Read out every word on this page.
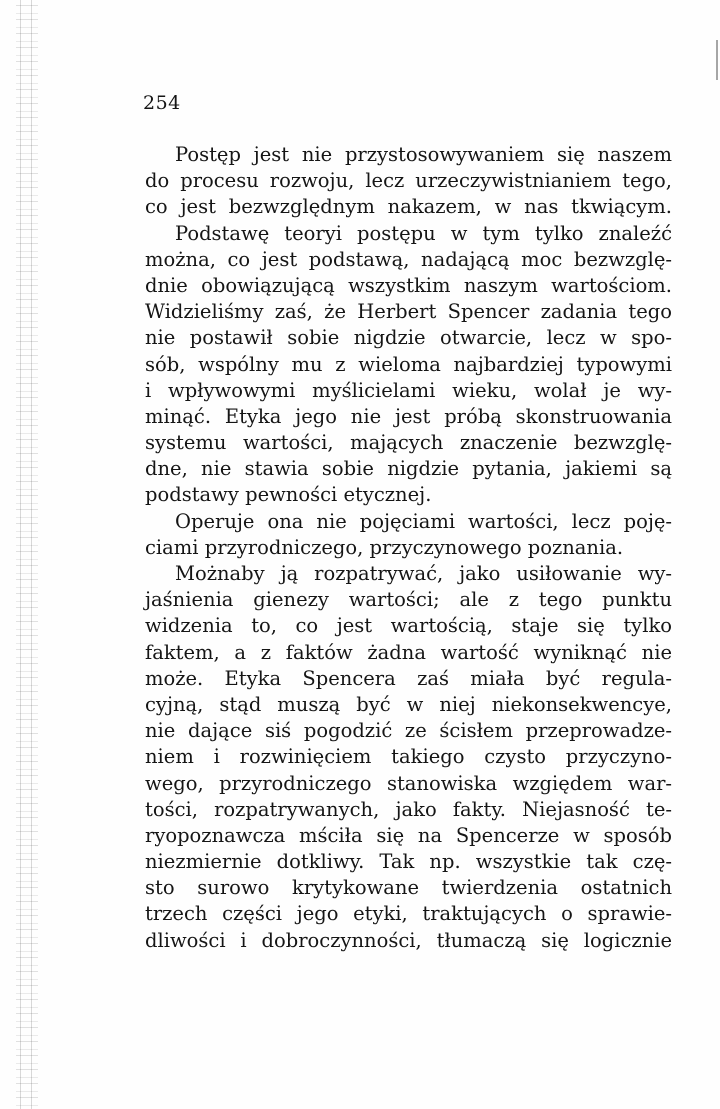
254
Postęp jest nie przystosowywaniem się naszem
do procesu rozwoju, lecz urzeczywistnianiem tego,
co jest bezwzględnym nakazem, w nas tkwiącym.
Podstawę teoryi postępu w tym tylko znaleźć
można, co jest podstawą, nadającą moc bezwzglę-
dnie obowiązującą wszystkim naszym wartościom.
Widzieliśmy zaś, że Herbert Spencer zadania tego
nie postawił sobie nigdzie otwarcie, lecz w spo-
sób, wspólny mu z wieloma najbardziej typowymi
i wpływowymi myślicielami wieku, wolał je wy-
minąć. Etyka jego nie jest próbą skonstruowania
systemu wartości, mających znaczenie bezwzglę-
dne, nie stawia sobie nigdzie pytania, jakiemi są
podstawy pewności etycznej.
Operuje ona nie pojęciami wartości, lecz poję-
ciami przyrodniczego, przyczynowego poznania.
Możnaby ją rozpatrywać, jako usiłowanie wy-
jaśnienia gienezy wartości; ale z tego punktu
widzenia to, co jest wartością, staje się tylko
faktem, a z faktów żadna wartość wyniknąć nie
może. Etyka Spencera zaś miała być regula-
cyjną, stąd muszą być w niej niekonsekwencye,
nie dające siś pogodzić ze ścisłem przeprowadze-
niem i rozwinięciem takiego czysto przyczyno-
wego, przyrodniczego stanowiska wzgiędem war-
tości, rozpatrywanych, jako fakty. Niejasność te-
ryopoznawcza mściła się na Spencerze w sposób
niezmiernie dotkliwy. Tak np. wszystkie tak czę-
sto surowo krytykowane twierdzenia ostatnich
trzech części jego etyki, traktujących o sprawie-
dliwości i dobroczynności, tłumaczą się logicznie
